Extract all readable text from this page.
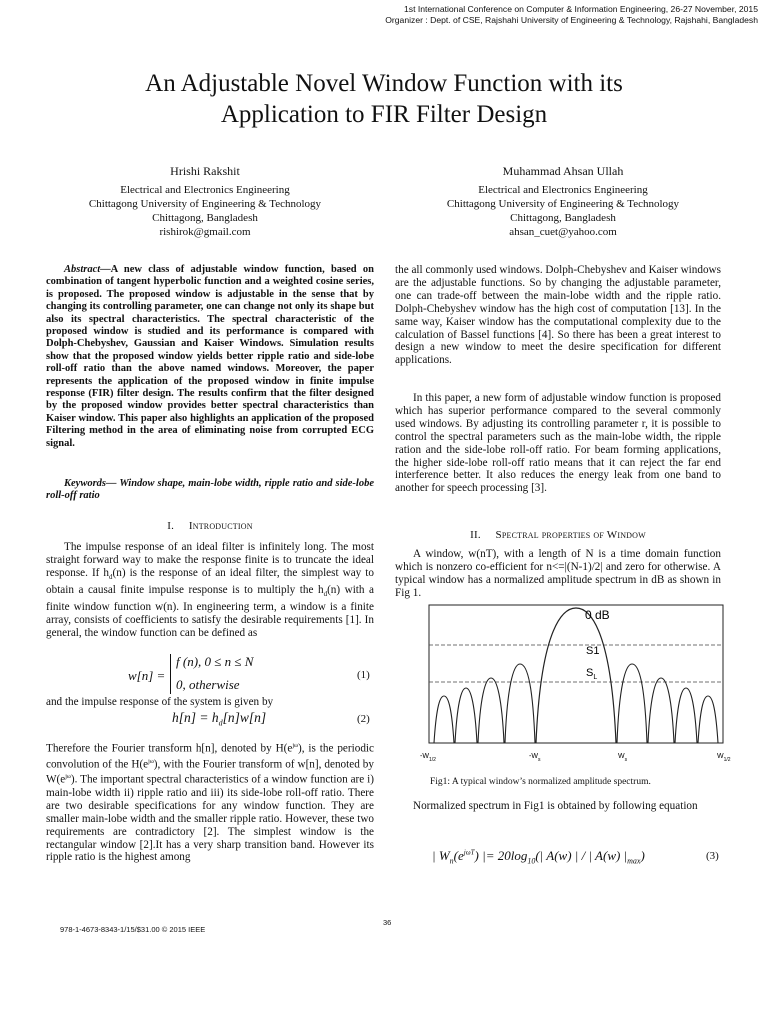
1st International Conference on Computer & Information Engineering, 26-27 November, 2015
Organizer : Dept. of CSE, Rajshahi University of Engineering & Technology, Rajshahi, Bangladesh
An Adjustable Novel Window Function with its
Application to FIR Filter Design
Hrishi Rakshit
Electrical and Electronics Engineering
Chittagong University of Engineering & Technology
Chittagong, Bangladesh
rishirok@gmail.com
Muhammad Ahsan Ullah
Electrical and Electronics Engineering
Chittagong University of Engineering & Technology
Chittagong, Bangladesh
ahsan_cuet@yahoo.com

Abstract—A new class of adjustable window function, based on combination of tangent hyperbolic function and a weighted cosine series, is proposed. The proposed window is adjustable in the sense that by changing its controlling parameter, one can change not only its shape but also its spectral characteristics. The spectral characteristic of the proposed window is studied and its performance is compared with Dolph-Chebyshev, Gaussian and Kaiser Windows. Simulation results show that the proposed window yields better ripple ratio and side-lobe roll-off ratio than the above named windows. Moreover, the paper represents the application of the proposed window in finite impulse response (FIR) filter design. The results confirm that the filter designed by the proposed window provides better spectral characteristics than Kaiser window. This paper also highlights an application of the proposed Filtering method in the area of eliminating noise from corrupted ECG signal.

Keywords— Window shape, main-lobe width, ripple ratio and side-lobe roll-off ratio

I. Introduction

The impulse response of an ideal filter is infinitely long. The most straight forward way to make the response finite is to truncate the ideal response. If $h_d(n)$ is the response of an ideal filter, the simplest way to obtain a causal finite impulse response is to multiply the $h_d(n)$ with a finite window function w(n). In engineering term, a window is a finite array, consists of coefficients to satisfy the desirable requirements [1]. In general, the window function can be defined as

w[n] =
f (n), 0 ≤ n ≤ N
0, otherwise
(1)

and the impulse response of the system is given by

$h[n] = h_d[n]w[n]$	(2)

Therefore the Fourier transform h[n], denoted by $H(e^{j\omega})$, is the periodic convolution of the $H(e^{j\omega})$, with the Fourier transform of w[n], denoted by $W(e^{j\omega})$. The important spectral characteristics of a window function are i) main-lobe width ii) ripple ratio and iii) its side-lobe roll-off ratio. There are two desirable specifications for any window function. They are smaller main-lobe width and the smaller ripple ratio. However, these two requirements are contradictory [2]. The simplest window is the rectangular window [2].It has a very sharp transition band. However its ripple ratio is the highest among

the all commonly used windows. Dolph-Chebyshev and Kaiser windows are the adjustable functions. So by changing the adjustable parameter, one can trade-off between the main-lobe width and the ripple ratio. Dolph-Chebyshev window has the high cost of computation [13]. In the same way, Kaiser window has the computational complexity due to the calculation of Bassel functions [4]. So there has been a great interest to design a new window to meet the desire specification for different applications.

In this paper, a new form of adjustable window function is proposed which has superior performance compared to the several commonly used windows. By adjusting its controlling parameter r, it is possible to control the spectral parameters such as the main-lobe width, the ripple ration and the side-lobe roll-off ratio. For beam forming applications, the higher side-lobe roll-off ratio means that it can reject the far end interference better. It also reduces the energy leak from one band to another for speech processing [3].

II. Spectral properties of Window

A window, w(nT), with a length of N is a time domain function which is nonzero co-efficient for n<=|(N-1)/2| and zero for otherwise. A typical window has a normalized amplitude spectrum in dB as shown in Fig 1.

0 dB
S1
$S_L$
$-W_{1/2}$	$-W_s$	$W_s$	$W_{1/2}$
Fig1: A typical window’s normalized amplitude spectrum.

Normalized spectrum in Fig1 is obtained by following equation

| $W_n(e^{j\omega T})$ |= $20\log_{10}(|$ A(w) | / | A(w) $|_{max}$)	(3)
978-1-4673-8343-1/15/$31.00 © 2015 IEEE
36
